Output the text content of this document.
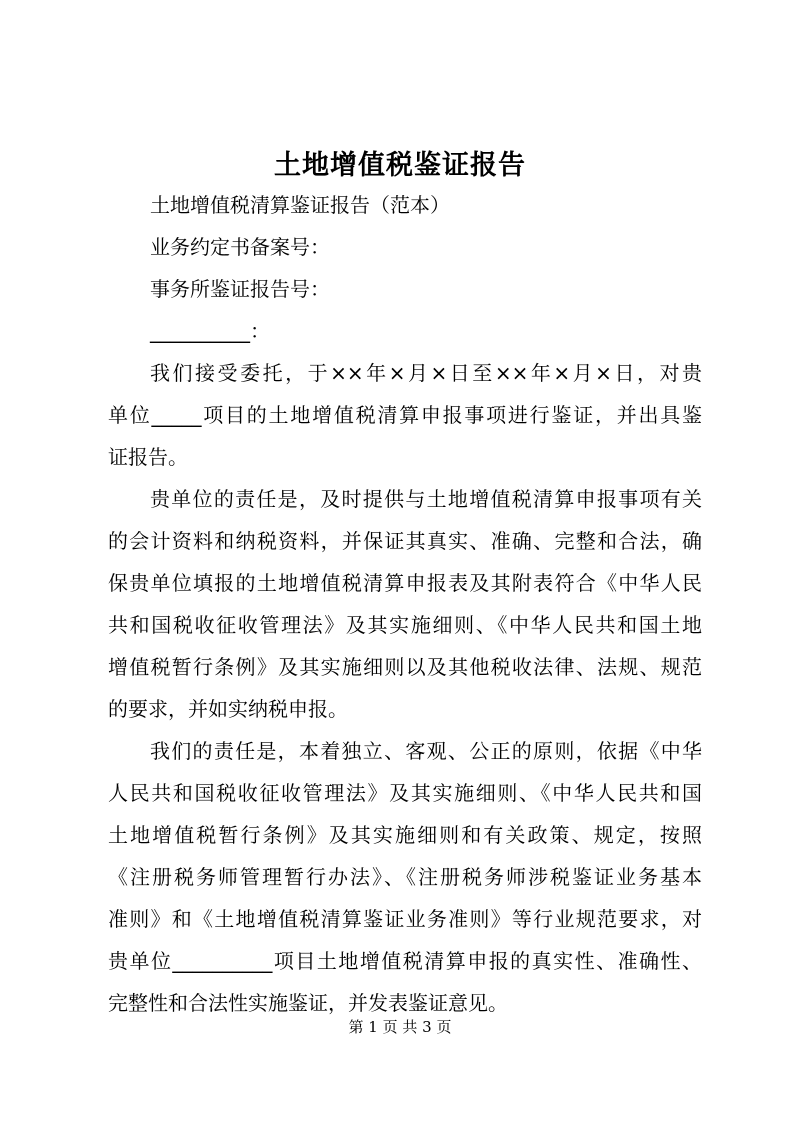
土地增值税鉴证报告
土地增值税清算鉴证报告（范本）
业务约定书备案号：
事务所鉴证报告号：
__________：
我们接受委托，于××年×月×日至××年×月×日，对贵
单位_____项目的土地增值税清算申报事项进行鉴证，并出具鉴
证报告。
贵单位的责任是，及时提供与土地增值税清算申报事项有关
的会计资料和纳税资料，并保证其真实、准确、完整和合法，确
保贵单位填报的土地增值税清算申报表及其附表符合《中华人民
共和国税收征收管理法》及其实施细则、《中华人民共和国土地
增值税暂行条例》及其实施细则以及其他税收法律、法规、规范
的要求，并如实纳税申报。
我们的责任是，本着独立、客观、公正的原则，依据《中华
人民共和国税收征收管理法》及其实施细则、《中华人民共和国
土地增值税暂行条例》及其实施细则和有关政策、规定，按照
《注册税务师管理暂行办法》、《注册税务师涉税鉴证业务基本
准则》和《土地增值税清算鉴证业务准则》等行业规范要求，对
贵单位__________项目土地增值税清算申报的真实性、准确性、
完整性和合法性实施鉴证，并发表鉴证意见。
第 1 页 共 3 页
